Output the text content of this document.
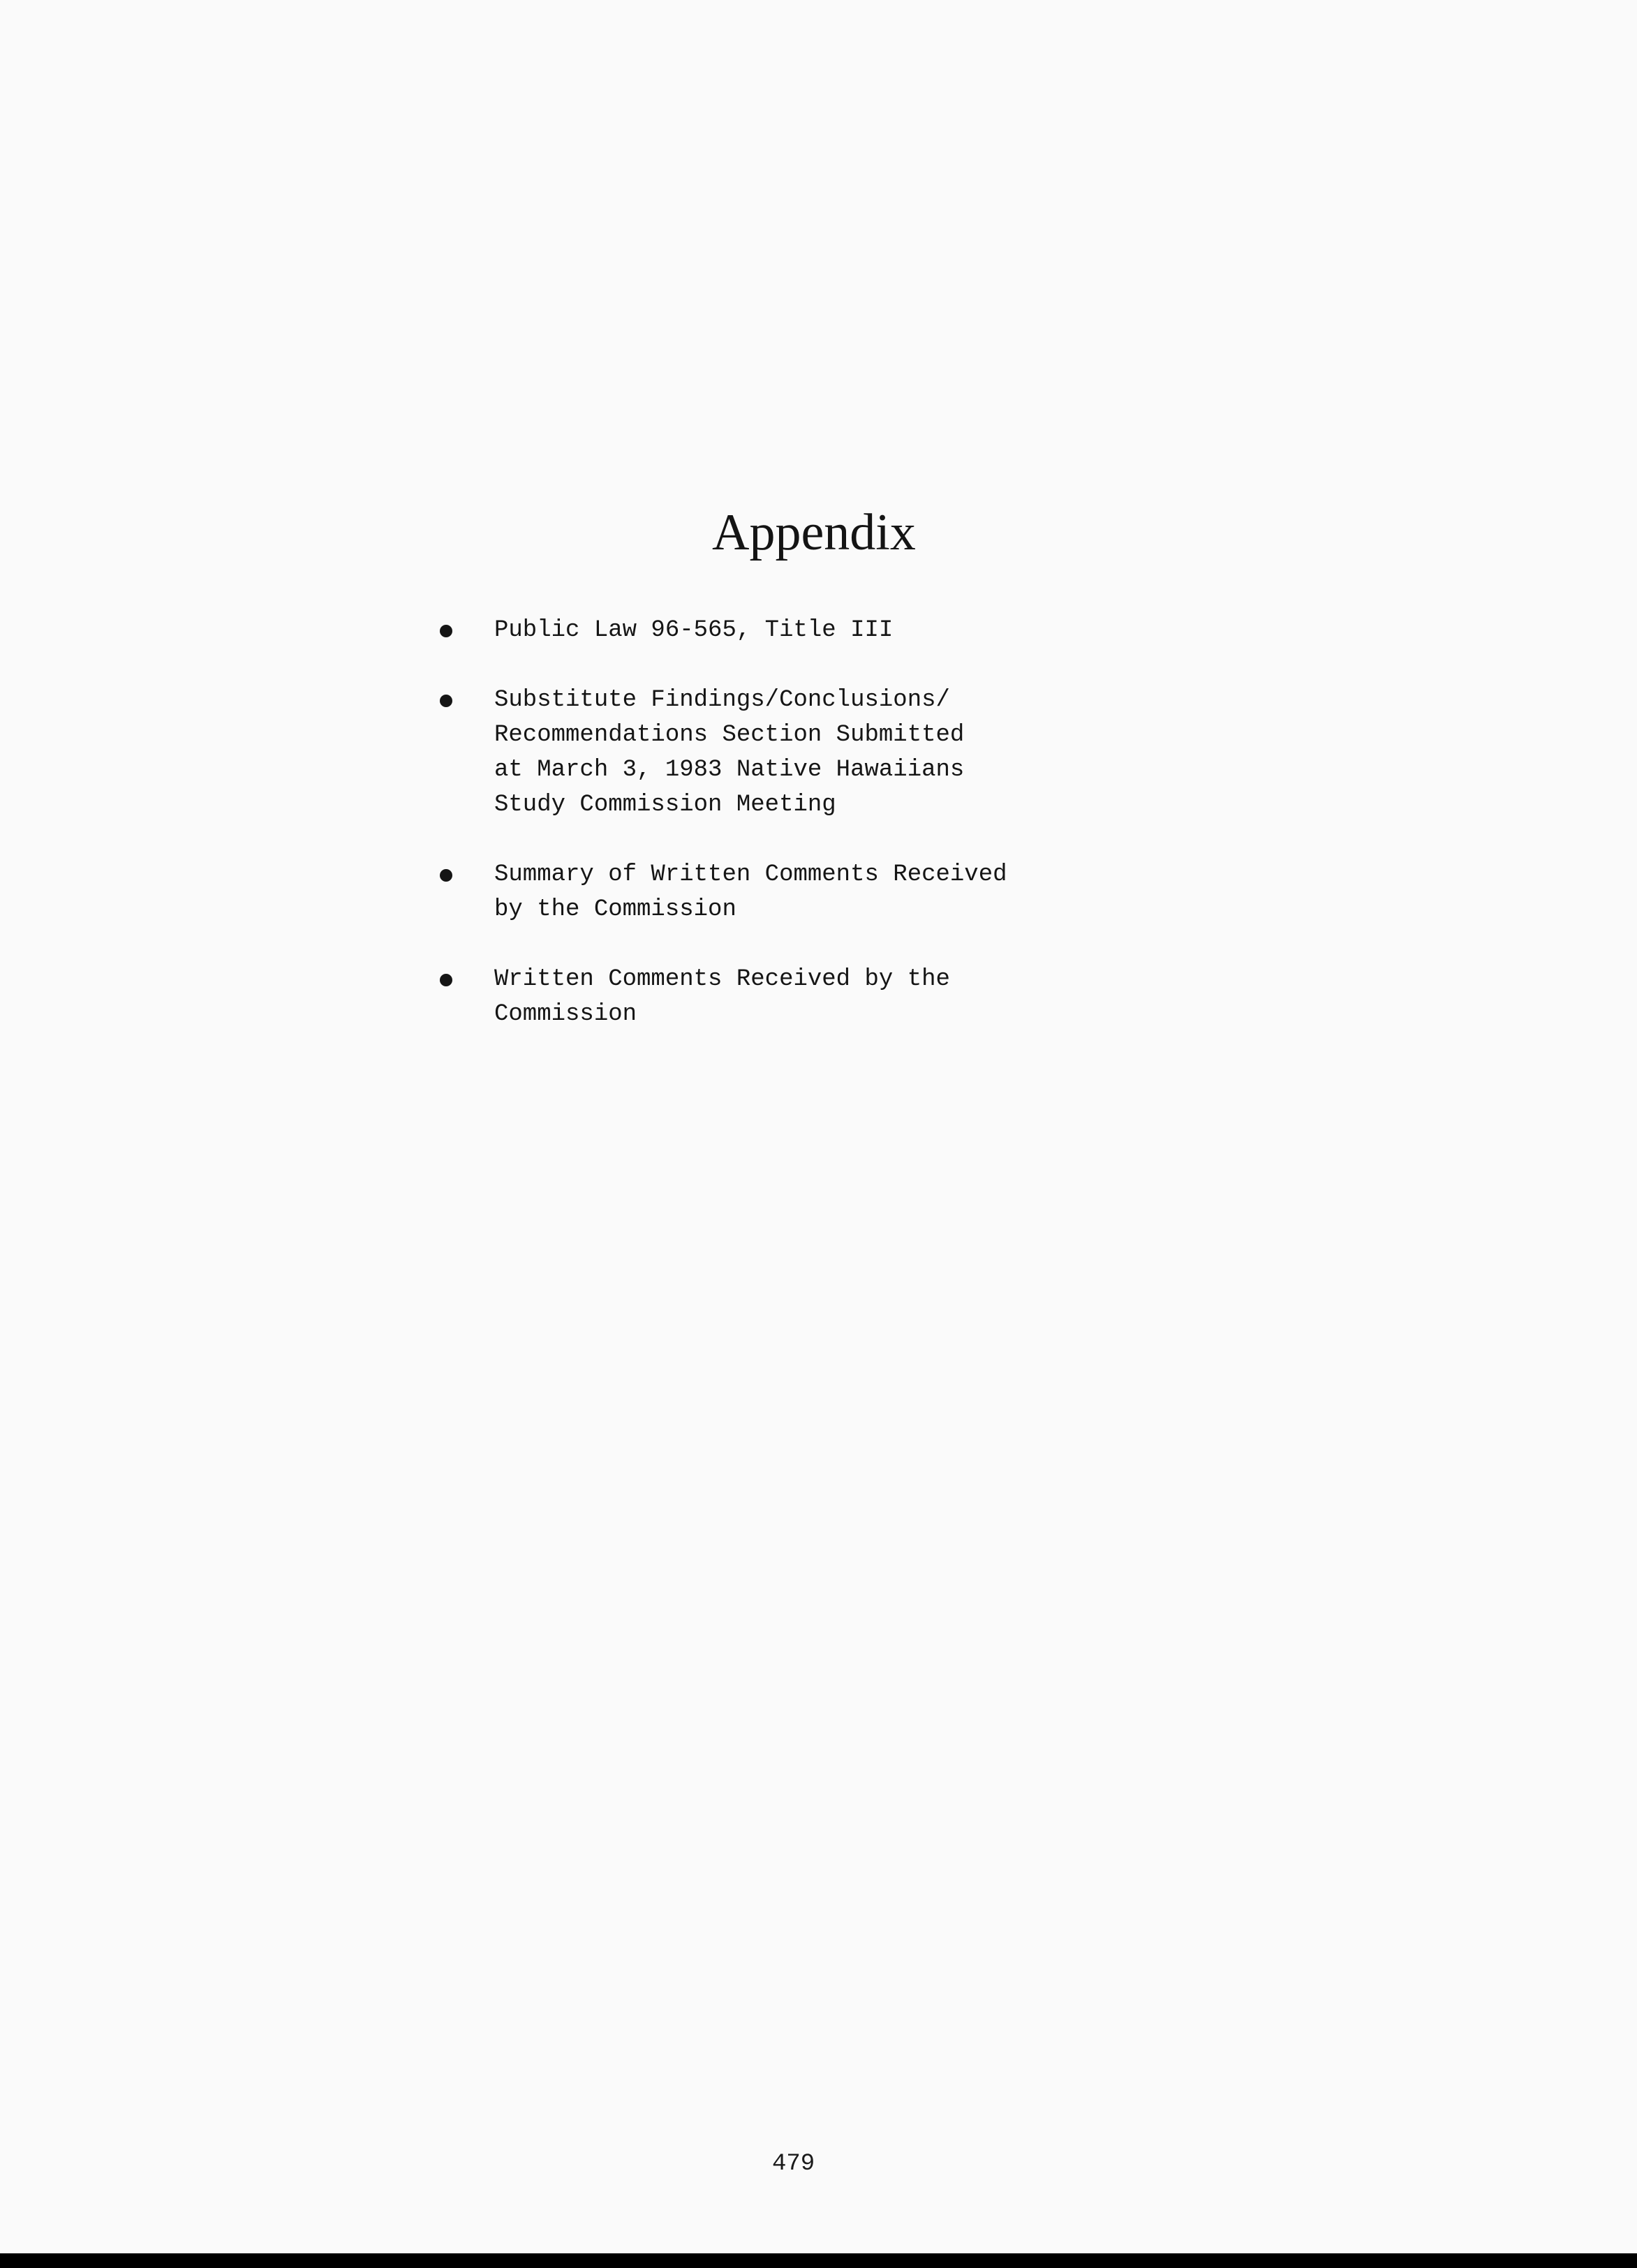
Appendix
Public Law 96-565, Title III
Substitute Findings/Conclusions/
Recommendations Section Submitted
at March 3, 1983 Native Hawaiians
Study Commission Meeting
Summary of Written Comments Received
by the Commission
Written Comments Received by the
Commission
479
